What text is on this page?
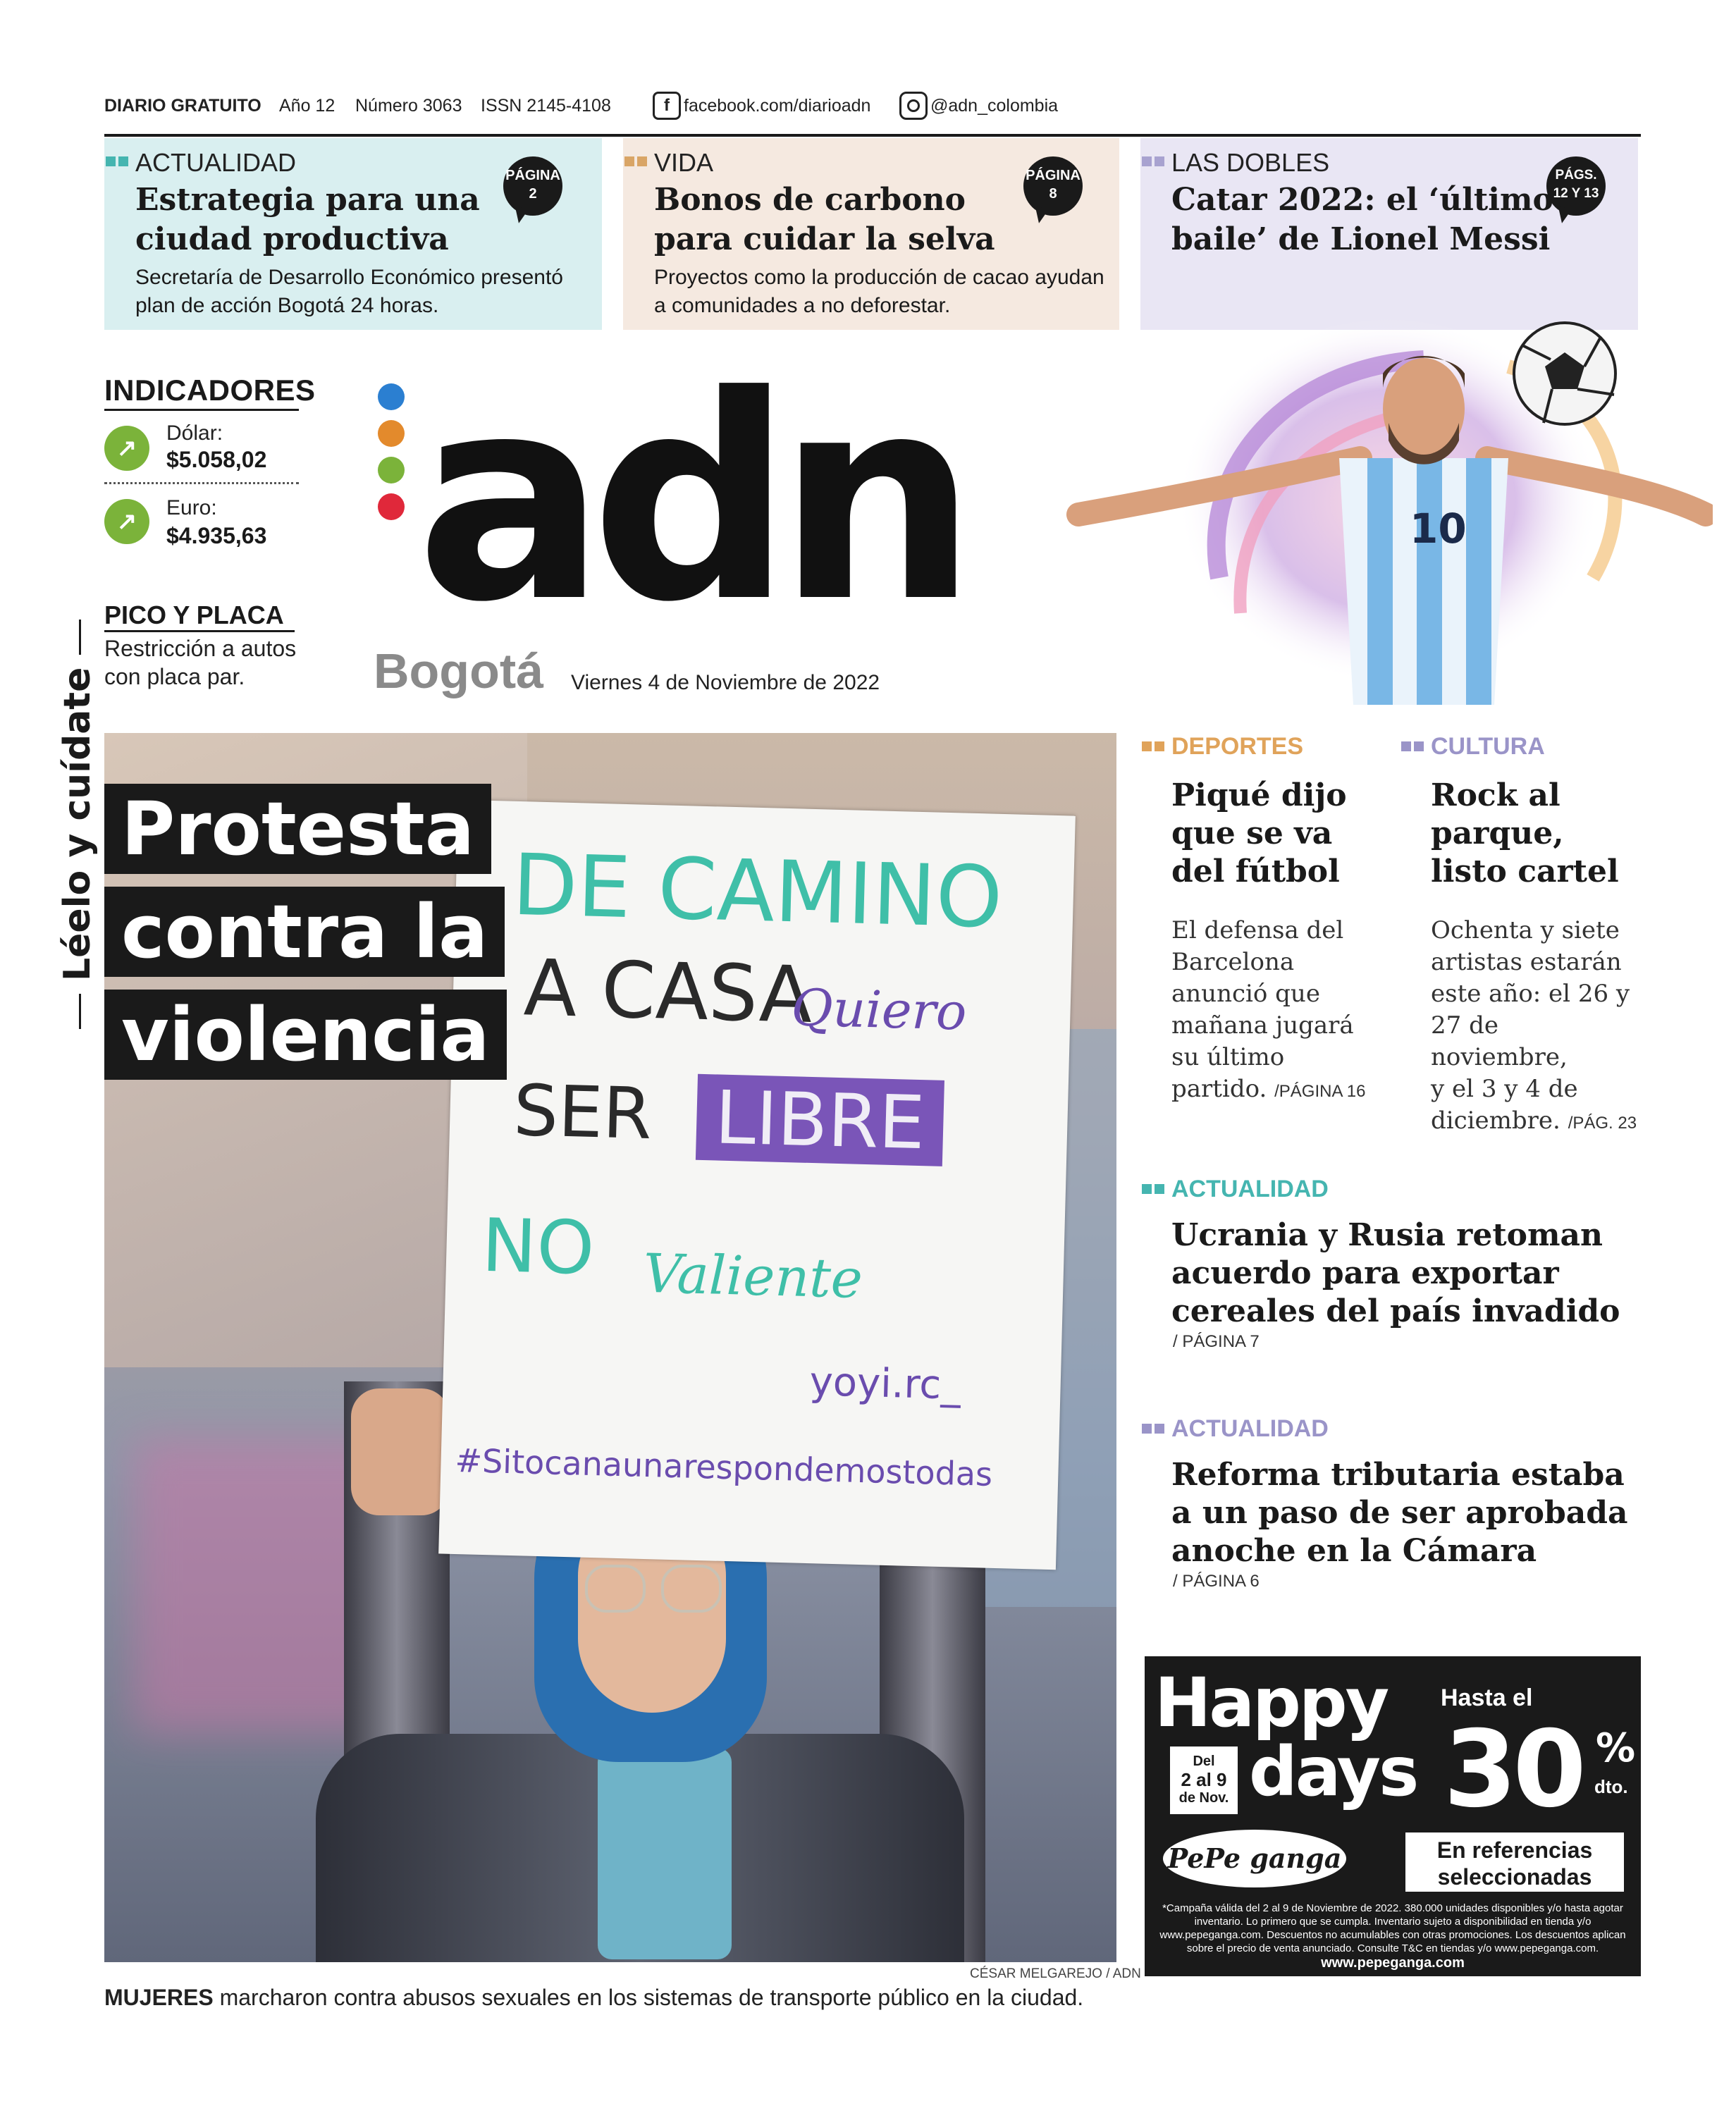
DIARIO GRATUITO Año 12 Número 3063 ISSN 2145-4108	f facebook.com/diarioadn	@adn_colombia
ACTUALIDAD	PÁGINA
2
Estrategia para una ciudad productiva
Secretaría de Desarrollo Económico presentó plan de acción Bogotá 24 horas.
VIDA	PÁGINA
8
Bonos de carbono para cuidar la selva
Proyectos como la producción de cacao ayudan a comunidades a no deforestar.
LAS DOBLES	PÁGS.
12 Y 13
Catar 2022: el ‘último baile’ de Lionel Messi
10
INDICADORES
↗
Dólar:
$5.058,02
↗
Euro:
$4.935,63
PICO Y PLACA
Restricción a autos con placa par.
adn
Bogotá Viernes 4 de Noviembre de 2022
DE CAMINO
A CASA
Quiero
SER LIBRE
NO Valiente
yoyi.rc_
#Sitocanaunarespondemostodas
Protesta
contra la
violencia
Léelo y cuídate
CÉSAR MELGAREJO / ADN
MUJERES marcharon contra abusos sexuales en los sistemas de transporte público en la ciudad.
DEPORTES
Piqué dijo
que se va
del fútbol
El defensa del
Barcelona
anunció que
mañana jugará
su último
partido. /PÁGINA 16
CULTURA
Rock al
parque,
listo cartel
Ochenta y siete
artistas estarán
este año: el 26 y
27 de noviembre,
y el 3 y 4 de
diciembre. /PÁG. 23
ACTUALIDAD
Ucrania y Rusia retoman
acuerdo para exportar
cereales del país invadido
/ PÁGINA 7
ACTUALIDAD
Reforma tributaria estaba
a un paso de ser aprobada
anoche en la Cámara
/ PÁGINA 6
Happy Hasta el
Del
2 al 9
de Nov. days 30 %
dto.
PePe ganga	En referencias
seleccionadas
*Campaña válida del 2 al 9 de Noviembre de 2022. 380.000 unidades disponibles y/o hasta agotar inventario. Lo primero que se cumpla. Inventario sujeto a disponibilidad en tienda y/o www.pepeganga.com. Descuentos no acumulables con otras promociones. Los descuentos aplican sobre el precio de venta anunciado. Consulte T&C en tiendas y/o www.pepeganga.com.
www.pepeganga.com
